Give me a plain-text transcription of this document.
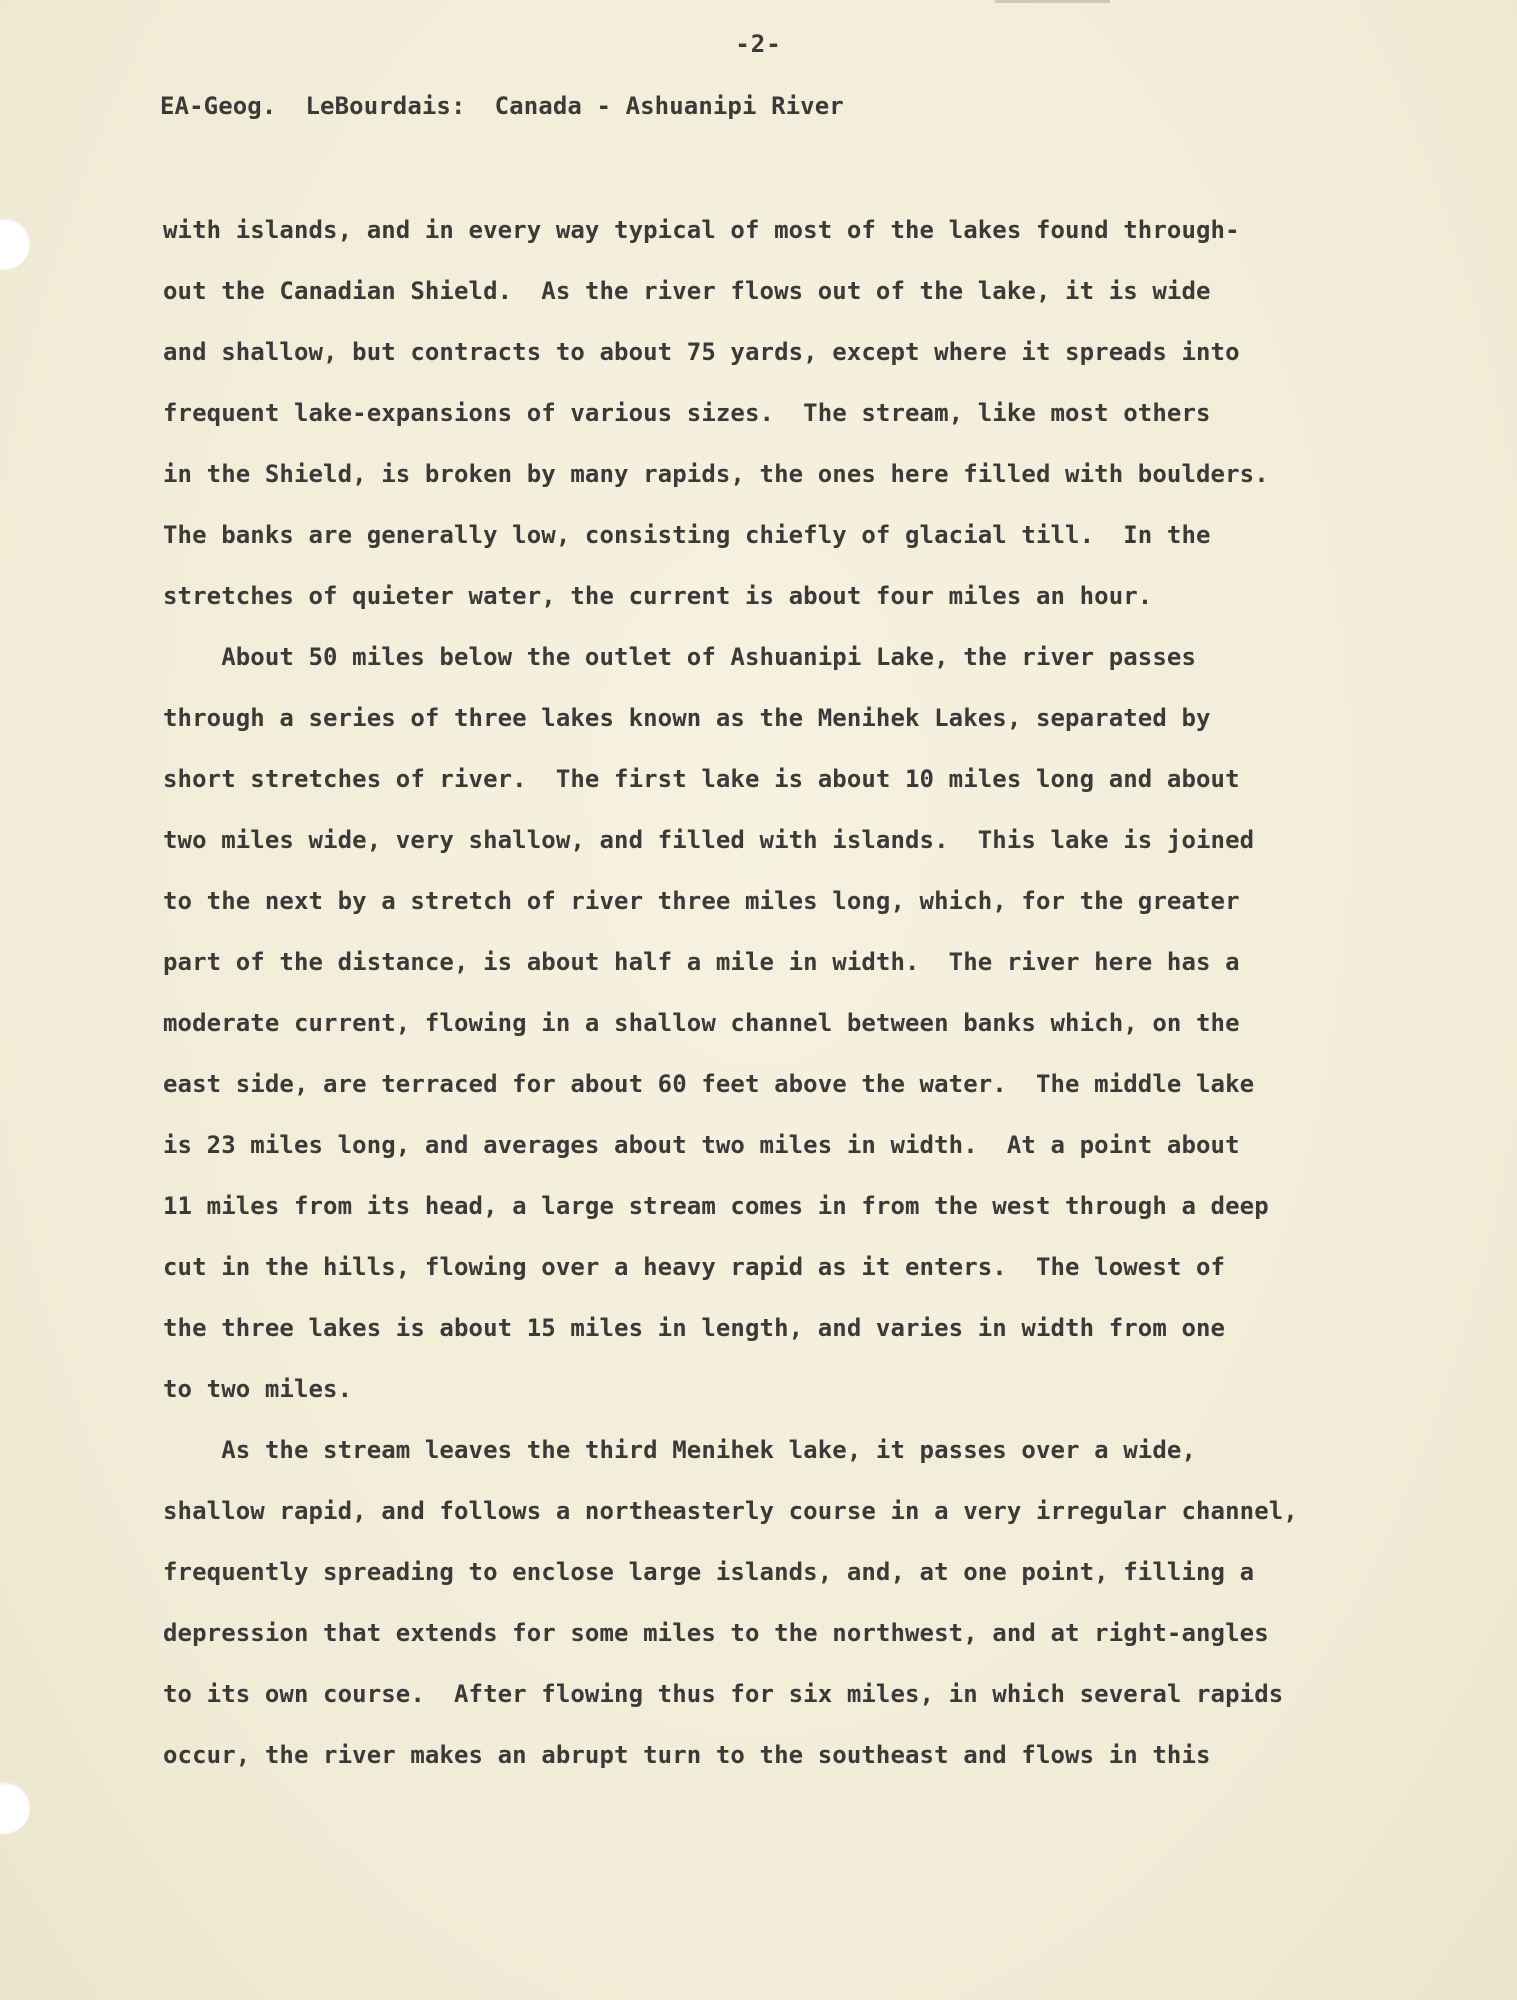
-2-
EA-Geog.  LeBourdais:  Canada - Ashuanipi River
with islands, and in every way typical of most of the lakes found through-
out the Canadian Shield.  As the river flows out of the lake, it is wide
and shallow, but contracts to about 75 yards, except where it spreads into
frequent lake-expansions of various sizes.  The stream, like most others
in the Shield, is broken by many rapids, the ones here filled with boulders.
The banks are generally low, consisting chiefly of glacial till.  In the
stretches of quieter water, the current is about four miles an hour.
About 50 miles below the outlet of Ashuanipi Lake, the river passes
through a series of three lakes known as the Menihek Lakes, separated by
short stretches of river.  The first lake is about 10 miles long and about
two miles wide, very shallow, and filled with islands.  This lake is joined
to the next by a stretch of river three miles long, which, for the greater
part of the distance, is about half a mile in width.  The river here has a
moderate current, flowing in a shallow channel between banks which, on the
east side, are terraced for about 60 feet above the water.  The middle lake
is 23 miles long, and averages about two miles in width.  At a point about
11 miles from its head, a large stream comes in from the west through a deep
cut in the hills, flowing over a heavy rapid as it enters.  The lowest of
the three lakes is about 15 miles in length, and varies in width from one
to two miles.
As the stream leaves the third Menihek lake, it passes over a wide,
shallow rapid, and follows a northeasterly course in a very irregular channel,
frequently spreading to enclose large islands, and, at one point, filling a
depression that extends for some miles to the northwest, and at right-angles
to its own course.  After flowing thus for six miles, in which several rapids
occur, the river makes an abrupt turn to the southeast and flows in this
